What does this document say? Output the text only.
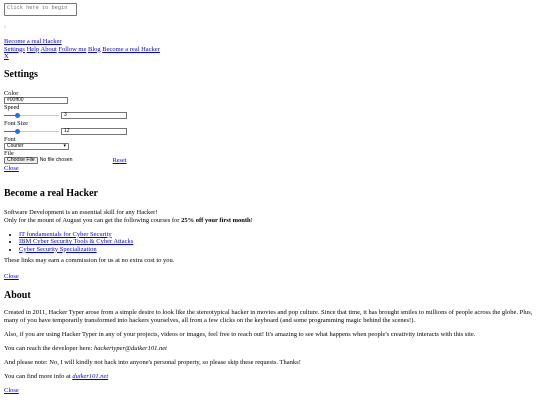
Click here to begin
?
Become a real Hacker
Settings Help About Follow me Blog Become a real Hacker
X
Settings
Color
#00ff00
Speed
3
Font Size
12
Font
Courier	▾
File
Choose File No file chosen	Reset
Close
Become a real Hacker

Software Development is an essential skill for any Hacker!

Only for the mount of August you can get the following courses for 25% off your first month!

• IT fundamentals for Cyber Security
• IBM Cyber Security Tools & Cyber Attacks
• Cyber Security Specialization

These links may earn a commission for us at no extra cost to you.

Close
About

Created in 2011, Hacker Typer arose from a simple desire to look like the stereotypical hacker in movies and pop culture. Since that time, it has brought smiles to millions of people across the globe. Plus, many of you have temporarily transformed into hackers yourselves, all from a few clicks on the keyboard (and some programming magic behind the scenes!).

Also, if you are using Hacker Typer in any of your projects, videos or images, feel free to reach out! It's amazing to see what happens when people's creativity interacts with this site.

You can reach the developer here: hackertyper@duiker101.net

And please note: No, I will kindly not hack into anyone's personal property, so please skip these requests. Thanks!

You can find more info at duiker101.net

Close
